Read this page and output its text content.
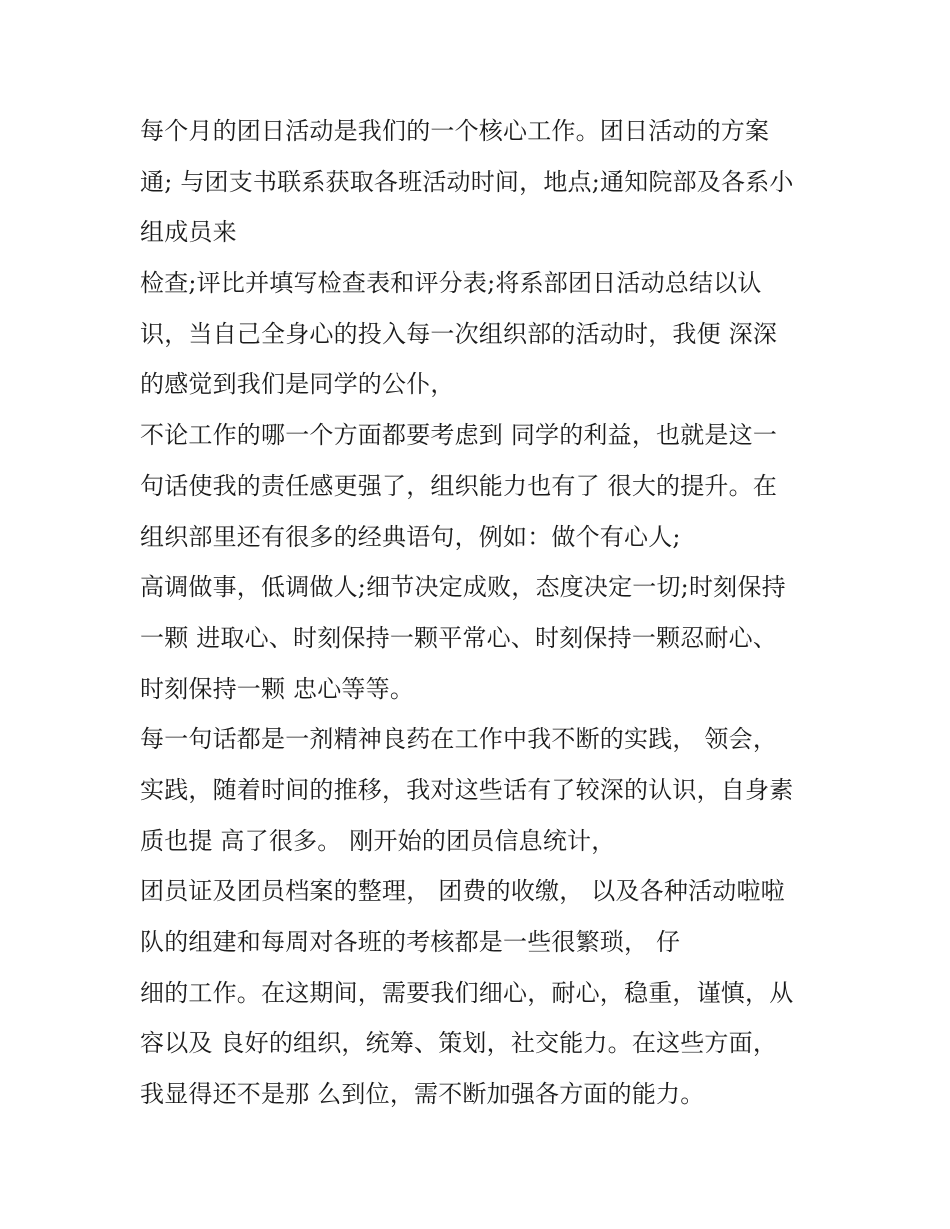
每个月的团日活动是我们的一个核心工作。团日活动的方案
通; 与团支书联系获取各班活动时间，地点;通知院部及各系小
组成员来
检查;评比并填写检查表和评分表;将系部团日活动总结以认
识，当自己全身心的投入每一次组织部的活动时，我便 深深
的感觉到我们是同学的公仆，
不论工作的哪一个方面都要考虑到 同学的利益，也就是这一
句话使我的责任感更强了，组织能力也有了 很大的提升。在
组织部里还有很多的经典语句，例如：做个有心人;
高调做事，低调做人;细节决定成败，态度决定一切;时刻保持
一颗 进取心、时刻保持一颗平常心、时刻保持一颗忍耐心、
时刻保持一颗 忠心等等。
每一句话都是一剂精神良药在工作中我不断的实践， 领会，
实践，随着时间的推移，我对这些话有了较深的认识，自身素
质也提 高了很多。 刚开始的团员信息统计，
团员证及团员档案的整理， 团费的收缴， 以及各种活动啦啦
队的组建和每周对各班的考核都是一些很繁琐， 仔
细的工作。在这期间，需要我们细心，耐心，稳重，谨慎，从
容以及 良好的组织，统筹、策划，社交能力。在这些方面，
我显得还不是那 么到位，需不断加强各方面的能力。
